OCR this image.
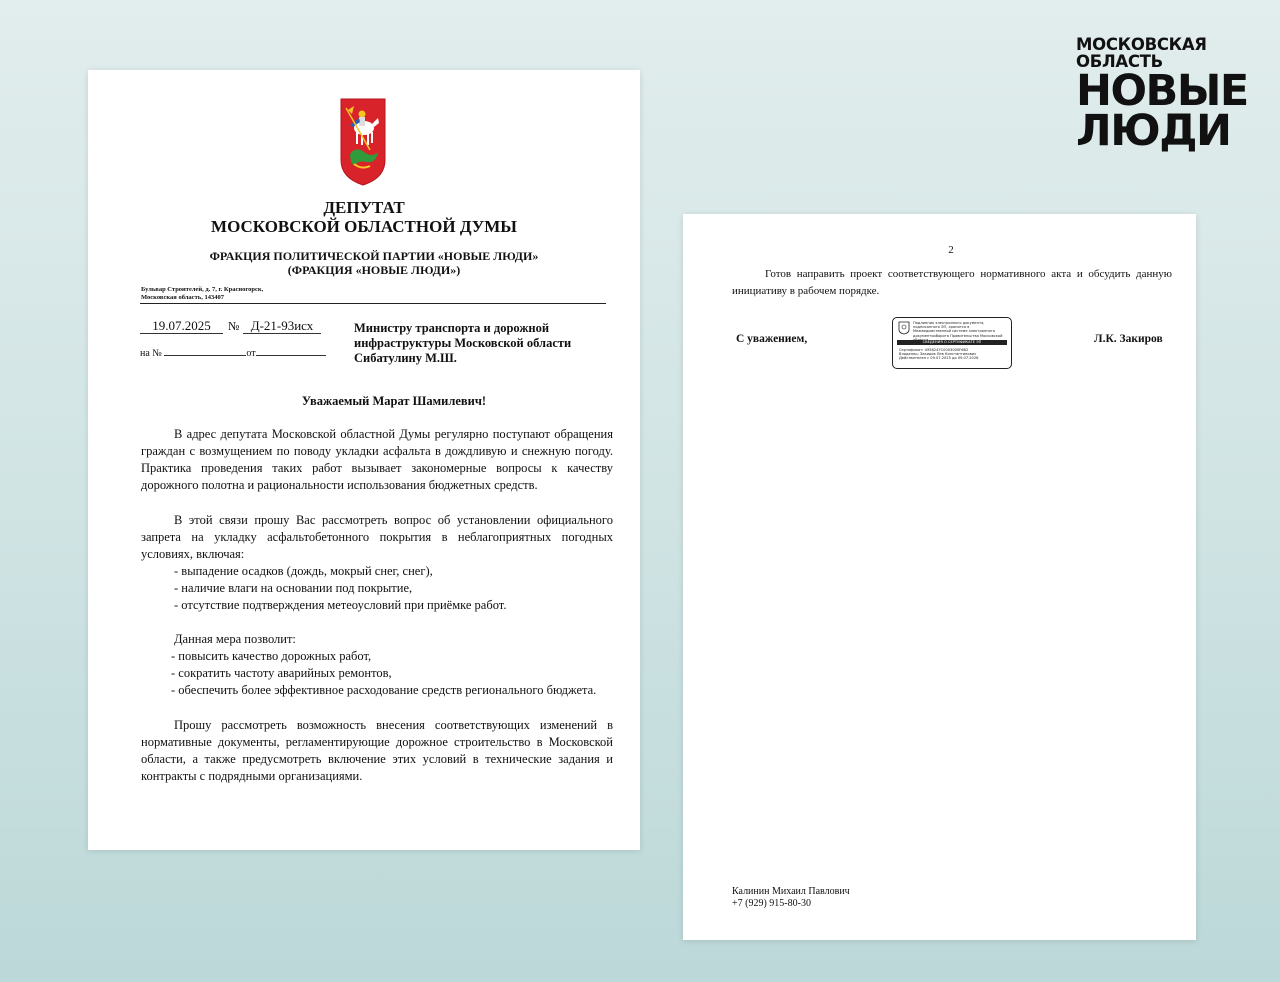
МОСКОВСКАЯ
ОБЛАСТЬ
НОВЫЕ
ЛЮДИ
ДЕПУТАТ
МОСКОВСКОЙ ОБЛАСТНОЙ ДУМЫ
ФРАКЦИЯ ПОЛИТИЧЕСКОЙ ПАРТИИ «НОВЫЕ ЛЮДИ»
(ФРАКЦИЯ «НОВЫЕ ЛЮДИ»)
Бульвар Строителей, д. 7, г. Красногорск,
Московская область, 143407
19.07.2025	№ Д-21-93исх
на №	от
Министру транспорта и дорожной
инфраструктуры Московской области
Сибатулину М.Ш.
Уважаемый Марат Шамилевич!

В адрес депутата Московской областной Думы регулярно поступают обращения граждан с возмущением по поводу укладки асфальта в дождливую и снежную погоду. Практика проведения таких работ вызывает закономерные вопросы к качеству дорожного полотна и рациональности использования бюджетных средств.

В этой связи прошу Вас рассмотреть вопрос об установлении официального запрета на укладку асфальтобетонного покрытия в неблагоприятных погодных условиях, включая:

- выпадение осадков (дождь, мокрый снег, снег),
- наличие влаги на основании под покрытие,
- отсутствие подтверждения метеоусловий при приёмке работ.
Данная мера позволит:
- повысить качество дорожных работ,
- сократить частоту аварийных ремонтов,
- обеспечить более эффективное расходование средств регионального бюджета.

Прошу рассмотреть возможность внесения соответствующих изменений в нормативные документы, регламентирующие дорожное строительство в Московской области, а также предусмотреть включение этих условий в технические задания и контракты с подрядными организациями.

2

Готов направить проект соответствующего нормативного акта и обсудить данную инициативу в рабочем порядке.

С уважением,
Подлинник электронного документа, подписанного ЭП, хранится в Межведомственной системе электронного документооборота Правительства Московской
СВЕДЕНИЯ О СЕРТИФИКАТЕ ЭП
Сертификат: 4958247C0003000F6B2
Владелец: Закиров Лев Константинович
Действителен с 09.07.2025 до 09.07.2026
Л.К. Закиров
Калинин Михаил Павлович
+7 (929) 915-80-30
